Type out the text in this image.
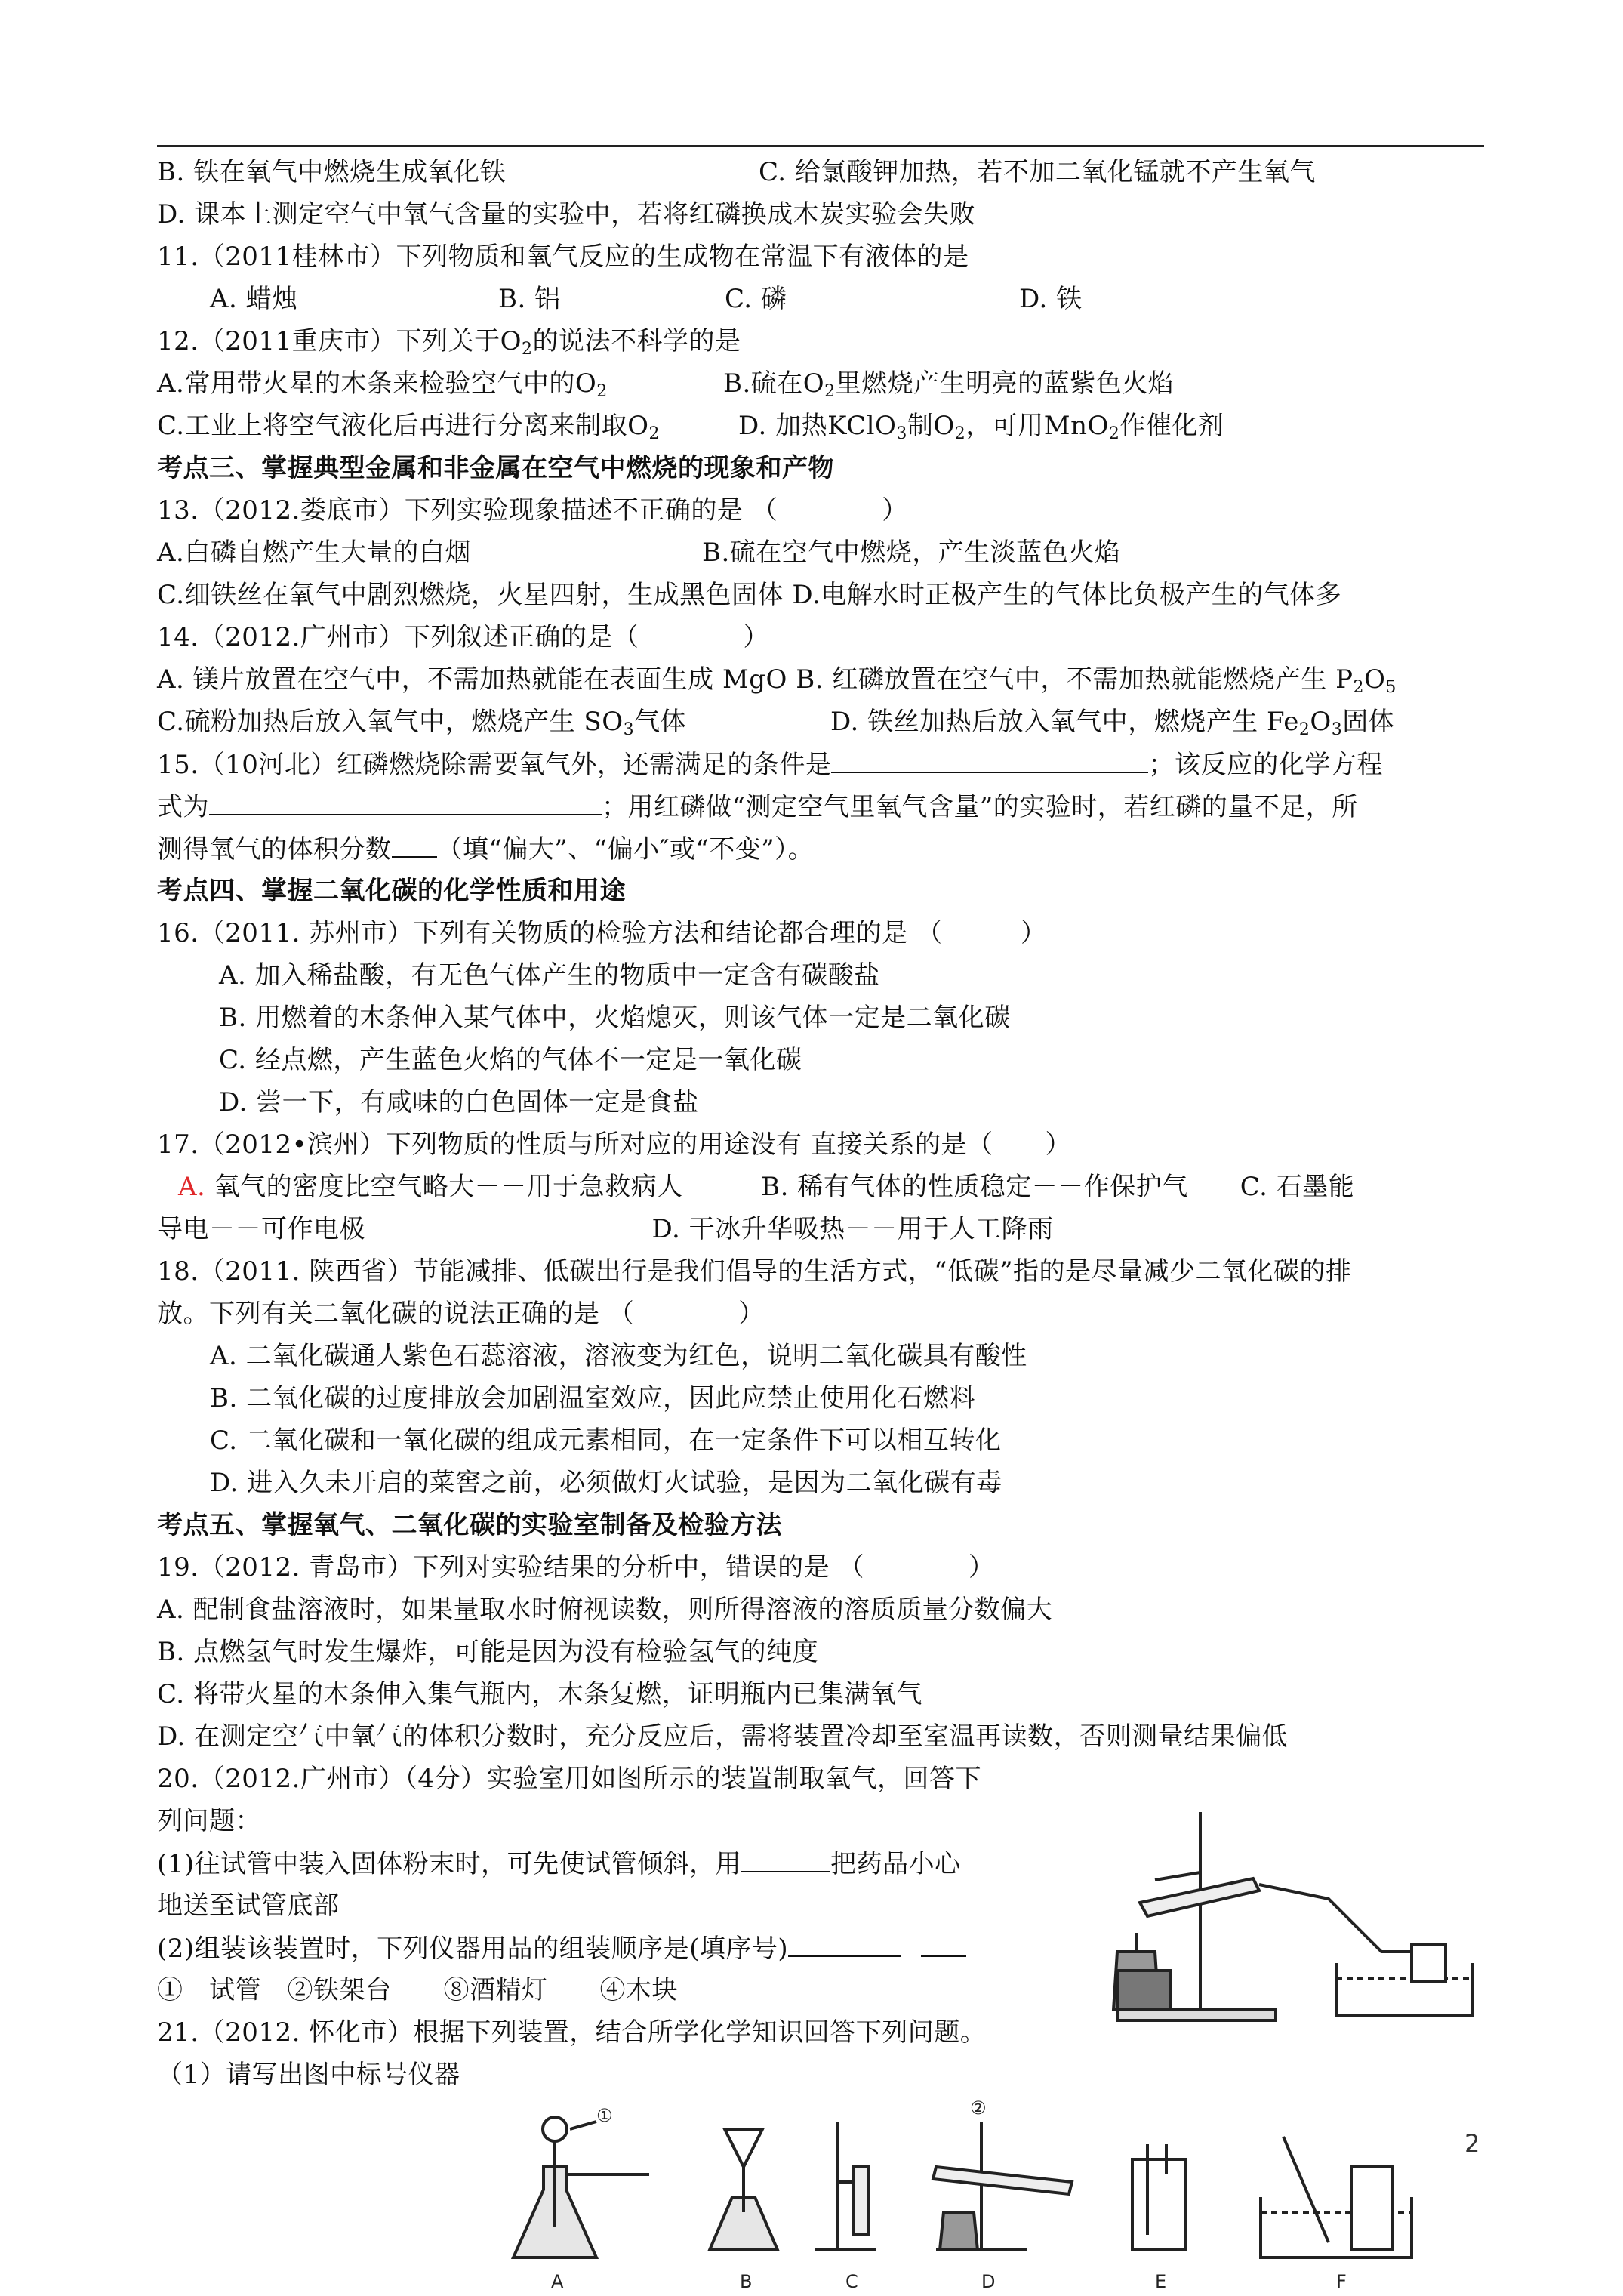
B. 铁在氧气中燃烧生成氧化铁	C. 给氯酸钾加热，若不加二氧化锰就不产生氧气
D. 课本上测定空气中氧气含量的实验中，若将红磷换成木炭实验会失败
11.（2011桂林市）下列物质和氧气反应的生成物在常温下有液体的是
A. 蜡烛	B. 铝	C. 磷	D. 铁
12.（2011重庆市）下列关于$O_2$的说法不科学的是
A.常用带火星的木条来检验空气中的$O_2$	B.硫在$O_2$里燃烧产生明亮的蓝紫色火焰
C.工业上将空气液化后再进行分离来制取$O_2$	D. 加热KClO$_3$制$O_2$，可用MnO$_2$作催化剂
考点三、掌握典型金属和非金属在空气中燃烧的现象和产物
13.（2012.娄底市）下列实验现象描述不正确的是 （　　　　）
A.白磷自燃产生大量的白烟	B.硫在空气中燃烧，产生淡蓝色火焰
C.细铁丝在氧气中剧烈燃烧，火星四射，生成黑色固体 D.电解水时正极产生的气体比负极产生的气体多
14.（2012.广州市）下列叙述正确的是（　　　　）
A. 镁片放置在空气中，不需加热就能在表面生成 MgO B. 红磷放置在空气中，不需加热就能燃烧产生 $P_2O_5$
C.硫粉加热后放入氧气中，燃烧产生 $SO_3$气体	D. 铁丝加热后放入氧气中，燃烧产生 $Fe_2O_3$固体
15.（10河北）红磷燃烧除需要氧气外，还需满足的条件是	；该反应的化学方程
式为	；用红磷做“测定空气里氧气含量”的实验时，若红磷的量不足，所
测得氧气的体积分数 （填“偏大”、“偏小″或“不变”）。
考点四、掌握二氧化碳的化学性质和用途
16.（2011. 苏州市）下列有关物质的检验方法和结论都合理的是 （　　　）
A. 加入稀盐酸，有无色气体产生的物质中一定含有碳酸盐
B. 用燃着的木条伸入某气体中，火焰熄灭，则该气体一定是二氧化碳
C. 经点燃，产生蓝色火焰的气体不一定是一氧化碳
D. 尝一下，有咸味的白色固体一定是食盐
17.（2012•滨州）下列物质的性质与所对应的用途没有 直接关系的是（　　）
A. 氧气的密度比空气略大－－用于急救病人　　　B. 稀有气体的性质稳定－－作保护气　　C. 石墨能
导电－－可作电极　　　　　　　　　　　D. 干冰升华吸热－－用于人工降雨
18.（2011. 陕西省）节能减排、低碳出行是我们倡导的生活方式，“低碳”指的是尽量减少二氧化碳的排
放。下列有关二氧化碳的说法正确的是 （　　　　）
A. 二氧化碳通人紫色石蕊溶液，溶液变为红色，说明二氧化碳具有酸性
B. 二氧化碳的过度排放会加剧温室效应，因此应禁止使用化石燃料
C. 二氧化碳和一氧化碳的组成元素相同，在一定条件下可以相互转化
D. 进入久未开启的菜窖之前，必须做灯火试验，是因为二氧化碳有毒
考点五、掌握氧气、二氧化碳的实验室制备及检验方法
19.（2012. 青岛市）下列对实验结果的分析中，错误的是 （　　　　）
A. 配制食盐溶液时，如果量取水时俯视读数，则所得溶液的溶质质量分数偏大
B. 点燃氢气时发生爆炸，可能是因为没有检验氢气的纯度
C. 将带火星的木条伸入集气瓶内，木条复燃，证明瓶内已集满氧气
D. 在测定空气中氧气的体积分数时，充分反应后，需将装置冷却至室温再读数，否则测量结果偏低
20.（2012.广州市）（4分）实验室用如图所示的装置制取氧气，回答下
列问题：
(1)往试管中装入固体粉末时，可先使试管倾斜，用	把药品小心
地送至试管底部
(2)组装该装置时，下列仪器用品的组装顺序是(填序号)
①　试管　②铁架台　　⑧酒精灯　　④木块
21.（2012. 怀化市）根据下列装置，结合所学化学知识回答下列问题。
（1）请写出图中标号仪器
A	B	C	D	E	F
①	②
2
